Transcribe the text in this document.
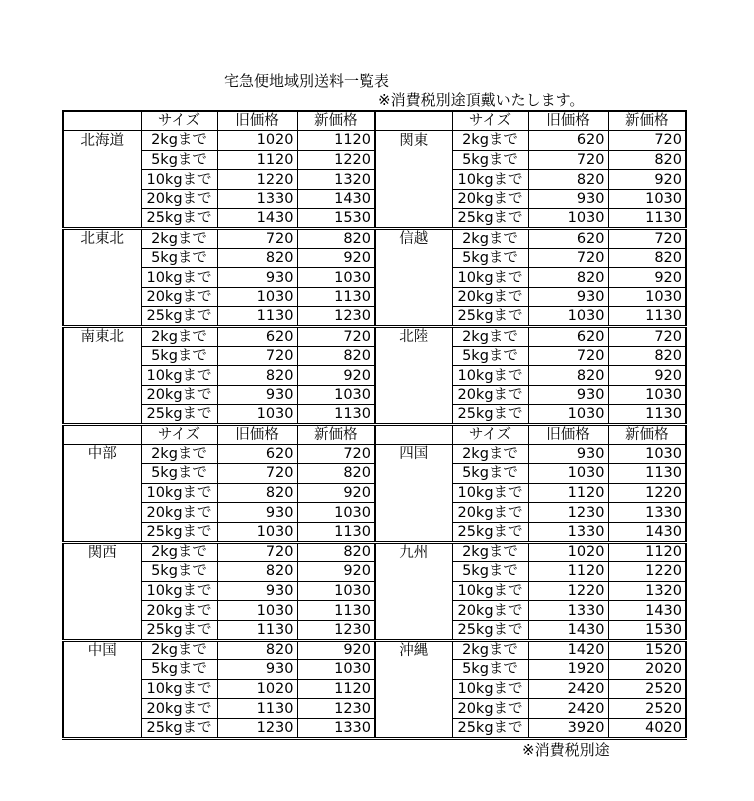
宅急便地域別送料一覧表
※消費税別途頂戴いたします。
	サイズ	旧価格	新価格		サイズ	旧価格	新価格
北海道	2kgまで	1020	1120	関東	2kgまで	620	720
	5kgまで	1120	1220		5kgまで	720	820
	10kgまで	1220	1320		10kgまで	820	920
	20kgまで	1330	1430		20kgまで	930	1030
	25kgまで	1430	1530		25kgまで	1030	1130
北東北	2kgまで	720	820	信越	2kgまで	620	720
	5kgまで	820	920		5kgまで	720	820
	10kgまで	930	1030		10kgまで	820	920
	20kgまで	1030	1130		20kgまで	930	1030
	25kgまで	1130	1230		25kgまで	1030	1130
南東北	2kgまで	620	720	北陸	2kgまで	620	720
	5kgまで	720	820		5kgまで	720	820
	10kgまで	820	920		10kgまで	820	920
	20kgまで	930	1030		20kgまで	930	1030
	25kgまで	1030	1130		25kgまで	1030	1130
	サイズ	旧価格	新価格		サイズ	旧価格	新価格
中部	2kgまで	620	720	四国	2kgまで	930	1030
	5kgまで	720	820		5kgまで	1030	1130
	10kgまで	820	920		10kgまで	1120	1220
	20kgまで	930	1030		20kgまで	1230	1330
	25kgまで	1030	1130		25kgまで	1330	1430
関西	2kgまで	720	820	九州	2kgまで	1020	1120
	5kgまで	820	920		5kgまで	1120	1220
	10kgまで	930	1030		10kgまで	1220	1320
	20kgまで	1030	1130		20kgまで	1330	1430
	25kgまで	1130	1230		25kgまで	1430	1530
中国	2kgまで	820	920	沖縄	2kgまで	1420	1520
	5kgまで	930	1030		5kgまで	1920	2020
	10kgまで	1020	1120		10kgまで	2420	2520
	20kgまで	1130	1230		20kgまで	2420	2520
	25kgまで	1230	1330		25kgまで	3920	4020
※消費税別途
